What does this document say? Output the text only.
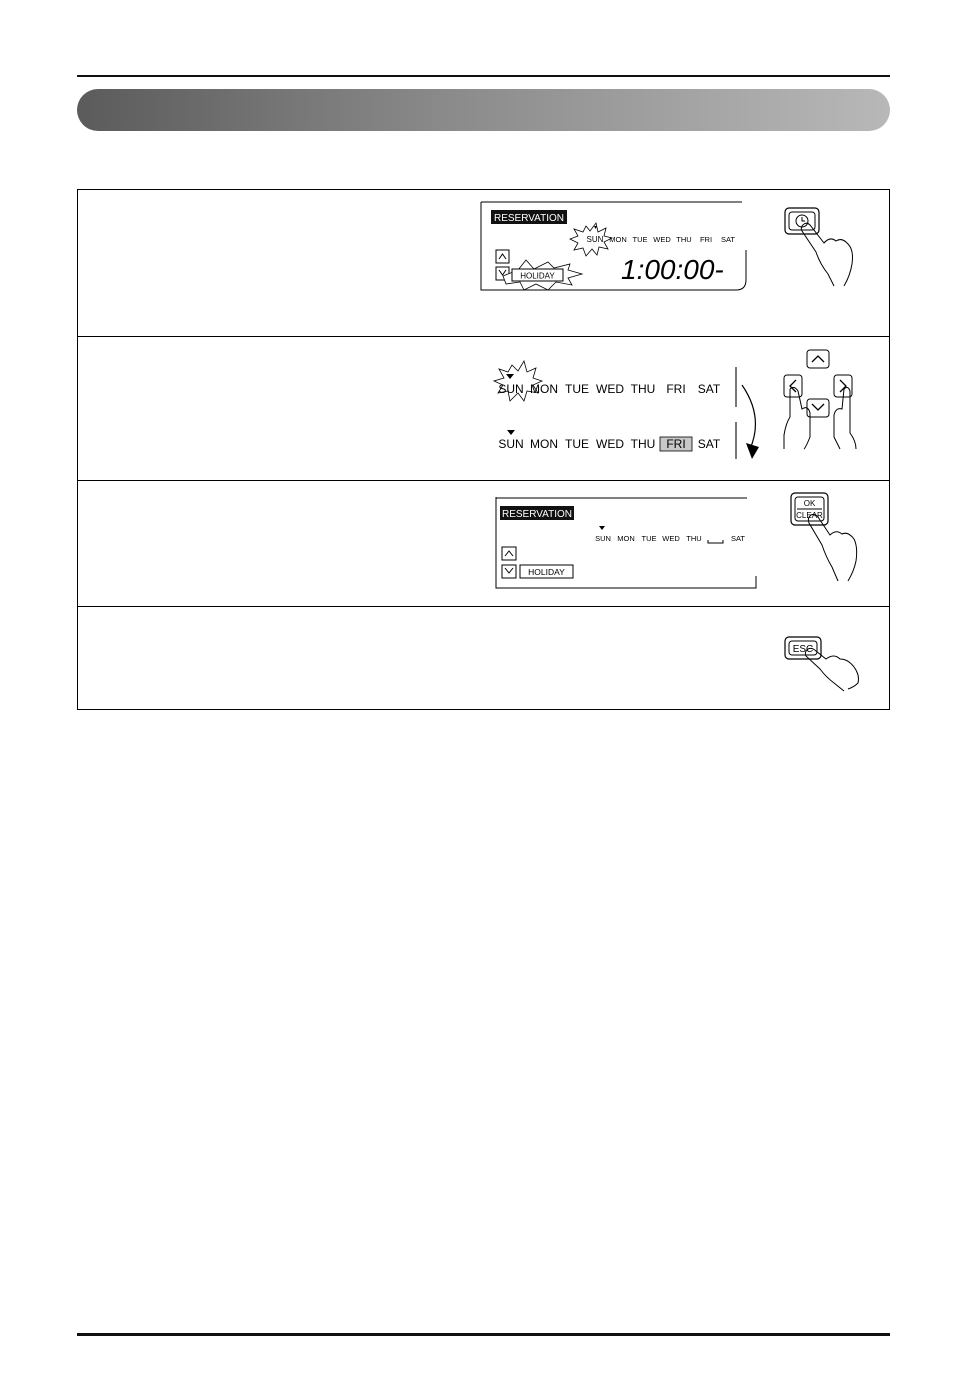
RESERVATION
SUN MON TUE WED THU FRI SAT
HOLIDAY 1:00:00-
SUN MON TUE WED THU FRI SAT
SUN MON TUE WED THU FRI SAT
RESERVATION
SUN MON TUE WED THU	SAT
HOLIDAY
OK
CLEAR
ESC
